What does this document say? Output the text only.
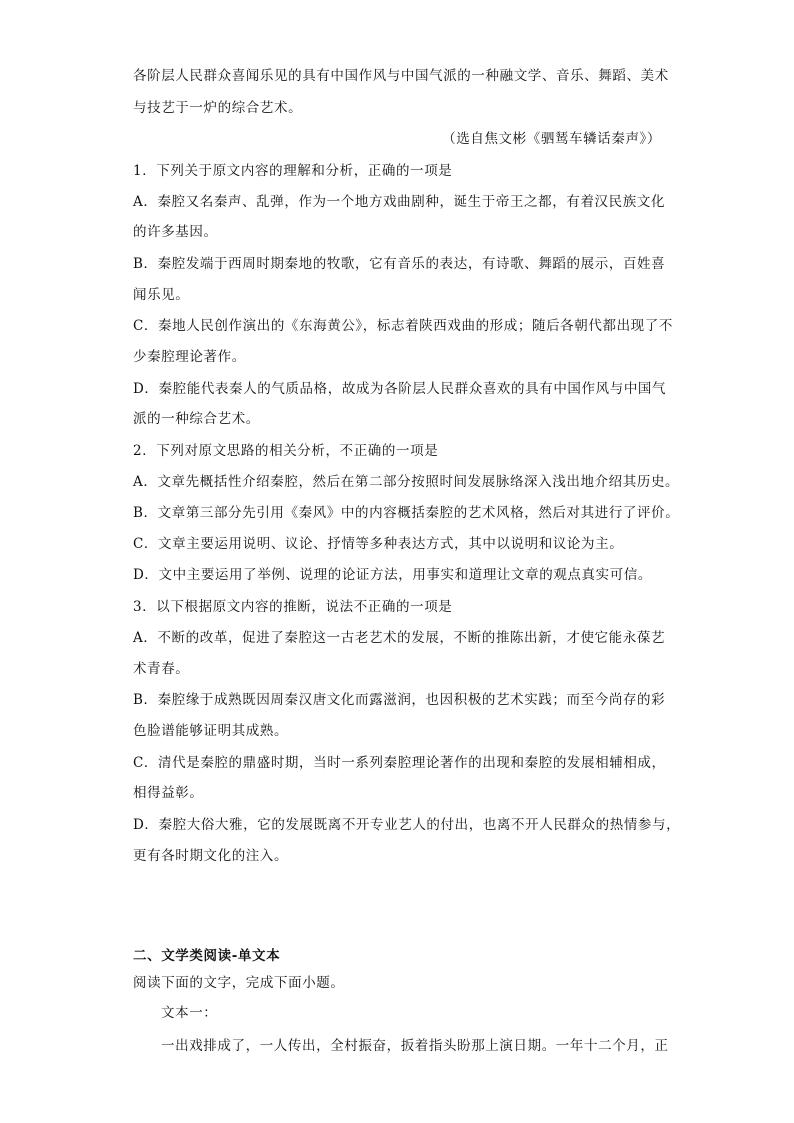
各阶层人民群众喜闻乐见的具有中国作风与中国气派的一种融文学、音乐、舞蹈、美术
与技艺于一炉的综合艺术。
（选自焦文彬《驷𫛭车辚话秦声》）
1．下列关于原文内容的理解和分析，正确的一项是
A．秦腔又名秦声、乱弹，作为一个地方戏曲剧种，诞生于帝王之都，有着汉民族文化
的许多基因。
B．秦腔发端于西周时期秦地的牧歌，它有音乐的表达，有诗歌、舞蹈的展示，百姓喜
闻乐见。
C．秦地人民创作演出的《东海黄公》，标志着陕西戏曲的形成；随后各朝代都出现了不
少秦腔理论著作。
D．秦腔能代表秦人的气质品格，故成为各阶层人民群众喜欢的具有中国作风与中国气
派的一种综合艺术。
2．下列对原文思路的相关分析，不正确的一项是
A．文章先概括性介绍秦腔，然后在第二部分按照时间发展脉络深入浅出地介绍其历史。
B．文章第三部分先引用《秦风》中的内容概括秦腔的艺术风格，然后对其进行了评价。
C．文章主要运用说明、议论、抒情等多种表达方式，其中以说明和议论为主。
D．文中主要运用了举例、说理的论证方法，用事实和道理让文章的观点真实可信。
3．以下根据原文内容的推断，说法不正确的一项是
A．不断的改革，促进了秦腔这一古老艺术的发展，不断的推陈出新，才使它能永葆艺
术青春。
B．秦腔缘于成熟既因周秦汉唐文化而露滋润，也因积极的艺术实践；而至今尚存的彩
色脸谱能够证明其成熟。
C．清代是秦腔的鼎盛时期，当时一系列秦腔理论著作的出现和秦腔的发展相辅相成，
相得益彰。
D．秦腔大俗大雅，它的发展既离不开专业艺人的付出，也离不开人民群众的热情参与，
更有各时期文化的注入。
二、文学类阅读-单文本
阅读下面的文字，完成下面小题。
文本一：
一出戏排成了，一人传出，全村振奋，扳着指头盼那上演日期。一年十二个月，正
